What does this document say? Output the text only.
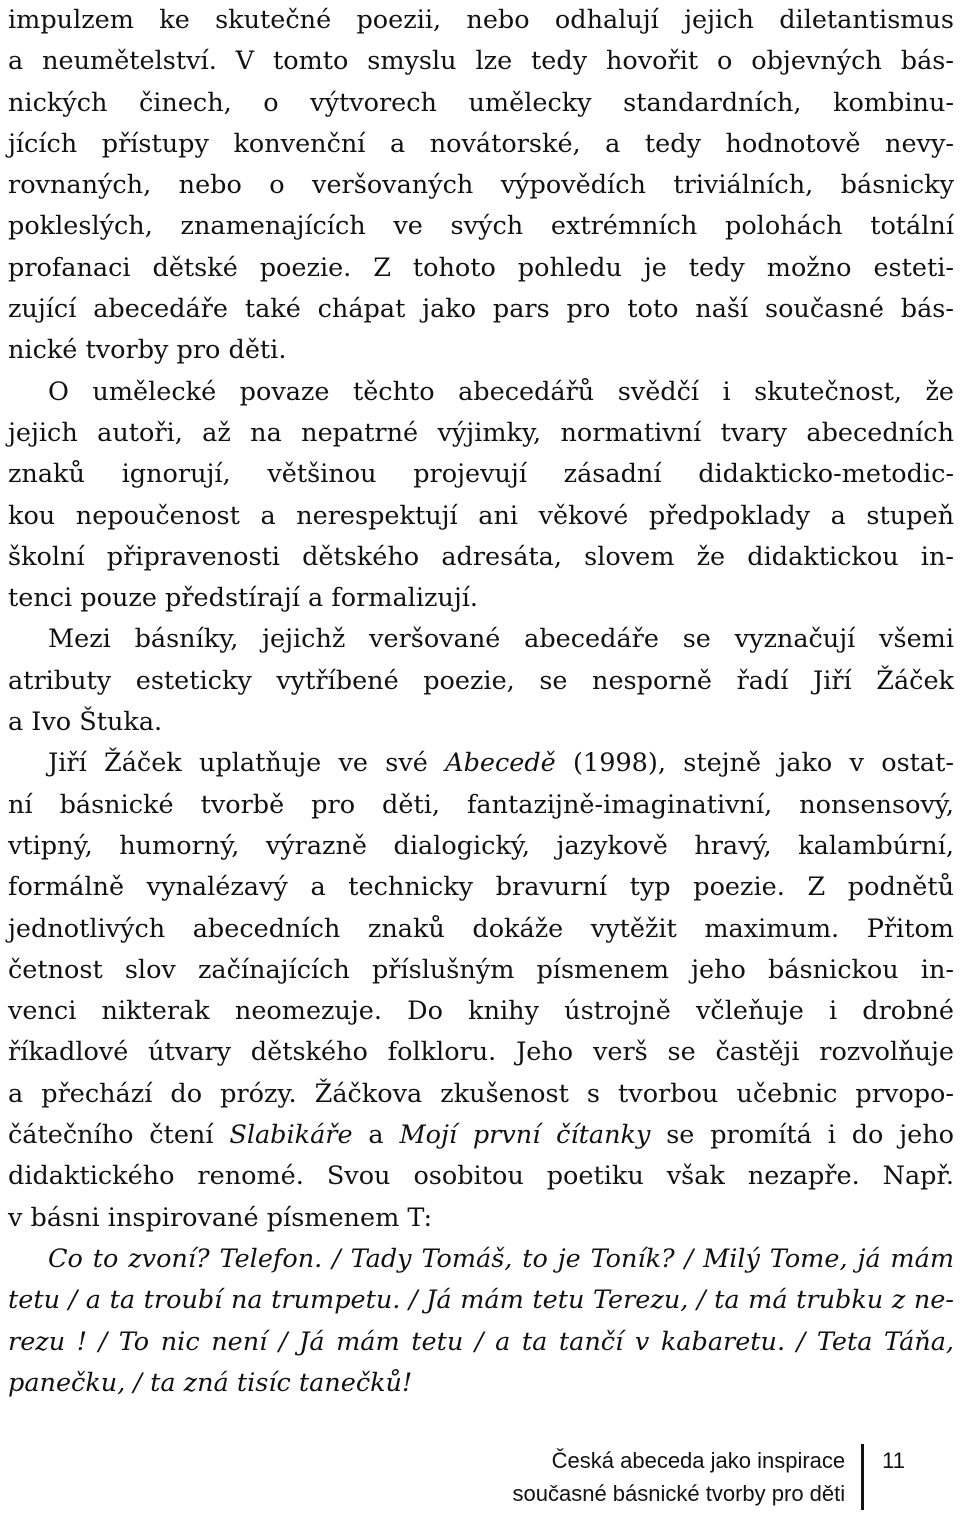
impulzem ke skutečné poezii, nebo odhalují jejich diletantismus
a neumětelství. V tomto smyslu lze tedy hovořit o objevných bás-
nických činech, o výtvorech umělecky standardních, kombinu-
jících přístupy konvenční a novátorské, a tedy hodnotově nevy-
rovnaných, nebo o veršovaných výpovědích triviálních, básnicky
pokleslých, znamenajících ve svých extrémních polohách totální
profanaci dětské poezie. Z tohoto pohledu je tedy možno esteti-
zující abecedáře také chápat jako pars pro toto naší současné bás-
nické tvorby pro děti.
O umělecké povaze těchto abecedářů svědčí i skutečnost, že
jejich autoři, až na nepatrné výjimky, normativní tvary abecedních
znaků ignorují, většinou projevují zásadní didakticko-metodic-
kou nepoučenost a nerespektují ani věkové předpoklady a stupeň
školní připravenosti dětského adresáta, slovem že didaktickou in-
tenci pouze předstírají a formalizují.
Mezi básníky, jejichž veršované abecedáře se vyznačují všemi
atributy esteticky vytříbené poezie, se nesporně řadí Jiří Žáček
a Ivo Štuka.
Jiří Žáček uplatňuje ve své Abecedě (1998), stejně jako v ostat-
ní básnické tvorbě pro děti, fantazijně-imaginativní, nonsensový,
vtipný, humorný, výrazně dialogický, jazykově hravý, kalambúrní,
formálně vynalézavý a technicky bravurní typ poezie. Z podnětů
jednotlivých abecedních znaků dokáže vytěžit maximum. Přitom
četnost slov začínajících příslušným písmenem jeho básnickou in-
venci nikterak neomezuje. Do knihy ústrojně včleňuje i drobné
říkadlové útvary dětského folkloru. Jeho verš se častěji rozvolňuje
a přechází do prózy. Žáčkova zkušenost s tvorbou učebnic prvopo-
čátečního čtení Slabikáře a Mojí první čítanky se promítá i do jeho
didaktického renomé. Svou osobitou poetiku však nezapře. Např.
v básni inspirované písmenem T:
Co to zvoní? Telefon. / Tady Tomáš, to je Toník? / Milý Tome, já mám
tetu / a ta troubí na trumpetu. / Já mám tetu Terezu, / ta má trubku z ne-
rezu ! / To nic není / Já mám tetu / a ta tančí v kabaretu. / Teta Táňa,
panečku, / ta zná tisíc tanečků!
Česká abeceda jako inspirace
současné básnické tvorby pro děti
11
